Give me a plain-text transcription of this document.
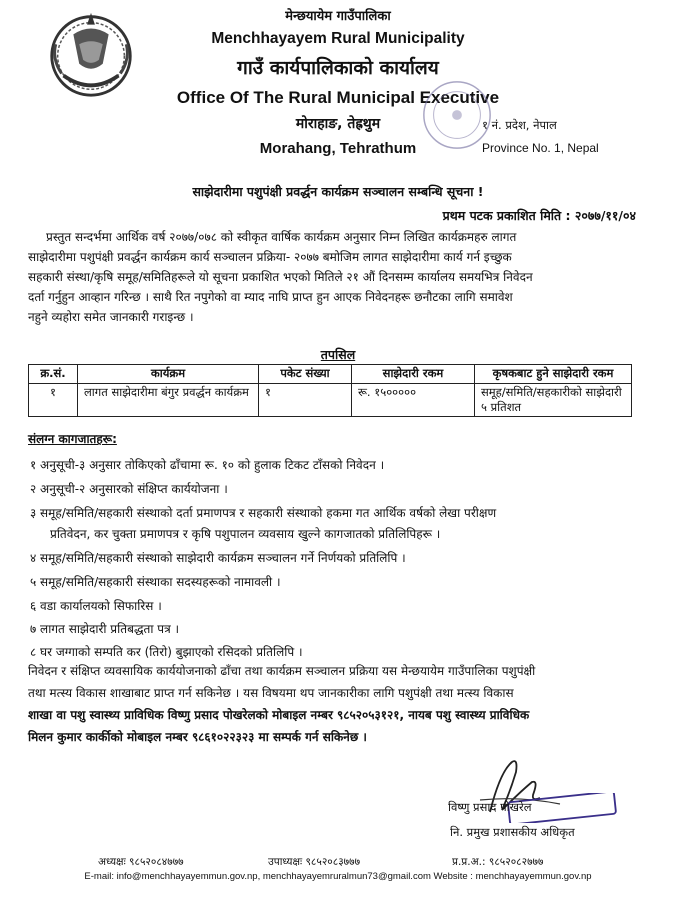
मेन्छयायेम गाउँपालिका
Menchhayayem Rural Municipality
गाउँ कार्यपालिकाको कार्यालय
Office Of The Rural Municipal Executive
मोराहाङ, तेह्रथुम
Morahang, Tehrathum
१ नं. प्रदेश, नेपाल
Province No. 1, Nepal
साझेदारीमा पशुपंक्षी प्रवर्द्धन कार्यक्रम सञ्चालन सम्बन्धि सूचना !
प्रथम पटक प्रकाशित मिति : २०७७/११/०४
प्रस्तुत सन्दर्भमा आर्थिक वर्ष २०७७/०७८ को स्वीकृत वार्षिक कार्यक्रम अनुसार निम्न लिखित कार्यक्रमहरु लागत
साझेदारीमा पशुपंक्षी प्रवर्द्धन कार्यक्रम कार्य सञ्चालन प्रक्रिया- २०७७ बमोजिम लागत साझेदारीमा कार्य गर्न इच्छुक
सहकारी संस्था/कृषि समूह/समितिहरूले यो सूचना प्रकाशित भएको मितिले २१ औं दिनसम्म कार्यालय समयभित्र निवेदन
दर्ता गर्नुहुन आव्हान गरिन्छ । साथै रित नपुगेको वा म्याद नाघि प्राप्त हुन आएक निवेदनहरू छनौटका लागि समावेश
नहुने व्यहोरा समेत जानकारी गराइन्छ ।
तपसिल
क्र.सं.	कार्यक्रम	पकेट संख्या	साझेदारी रकम	कृषकबाट हुने साझेदारी रकम
१	लागत साझेदारीमा बंगुर प्रवर्द्धन कार्यक्रम	१	रू. १५०००००	समूह/समिति/सहकारीको साझेदारी ५ प्रतिशत
संलग्न कागजातहरू:
१ अनुसूची-३ अनुसार तोकिएको ढाँचामा रू. १० को हुलाक टिकट टाँसको निवेदन ।
२ अनुसूची-२ अनुसारको संक्षिप्त कार्ययोजना ।
३ समूह/समिति/सहकारी संस्थाको दर्ता प्रमाणपत्र र सहकारी संस्थाको हकमा गत आर्थिक वर्षको लेखा परीक्षण
प्रतिवेदन, कर चुक्ता प्रमाणपत्र र कृषि पशुपालन व्यवसाय खुल्ने कागजातको प्रतिलिपिहरू ।
४ समूह/समिति/सहकारी संस्थाको साझेदारी कार्यक्रम सञ्चालन गर्ने निर्णयको प्रतिलिपि ।
५ समूह/समिति/सहकारी संस्थाका सदस्यहरूको नामावली ।
६ वडा कार्यालयको सिफारिस ।
७ लागत साझेदारी प्रतिबद्धता पत्र ।
८ घर जग्गाको सम्पति कर (तिरो) बुझाएको रसिदको प्रतिलिपि ।
निवेदन र संक्षिप्त व्यवसायिक कार्ययोजनाको ढाँचा तथा कार्यक्रम सञ्चालन प्रक्रिया यस मेन्छयायेम गाउँपालिका पशुपंक्षी
तथा मत्स्य विकास शाखाबाट प्राप्त गर्न सकिनेछ । यस विषयमा थप जानकारीका लागि पशुपंक्षी तथा मत्स्य विकास
शाखा वा पशु स्वास्थ्य प्राविधिक विष्णु प्रसाद पोखरेलको मोबाइल नम्बर ९८५२०५३१२१, नायब पशु स्वास्थ्य प्राविधिक
मिलन कुमार कार्कीको मोबाइल नम्बर ९८६१०२२३२३ मा सम्पर्क गर्न सकिनेछ ।
विष्णु प्रसाद पोखरेल
नि. प्रमुख प्रशासकीय अधिकृत
अध्यक्षः ९८५२०८४७७७	उपाध्यक्षः ९८५२०८३७७७	प्र.प्र.अ.: ९८५२०८२७७७
E-mail: info@menchhayayemmun.gov.np, menchhayayemruralmun73@gmail.com Website : menchhayayemmun.gov.np
